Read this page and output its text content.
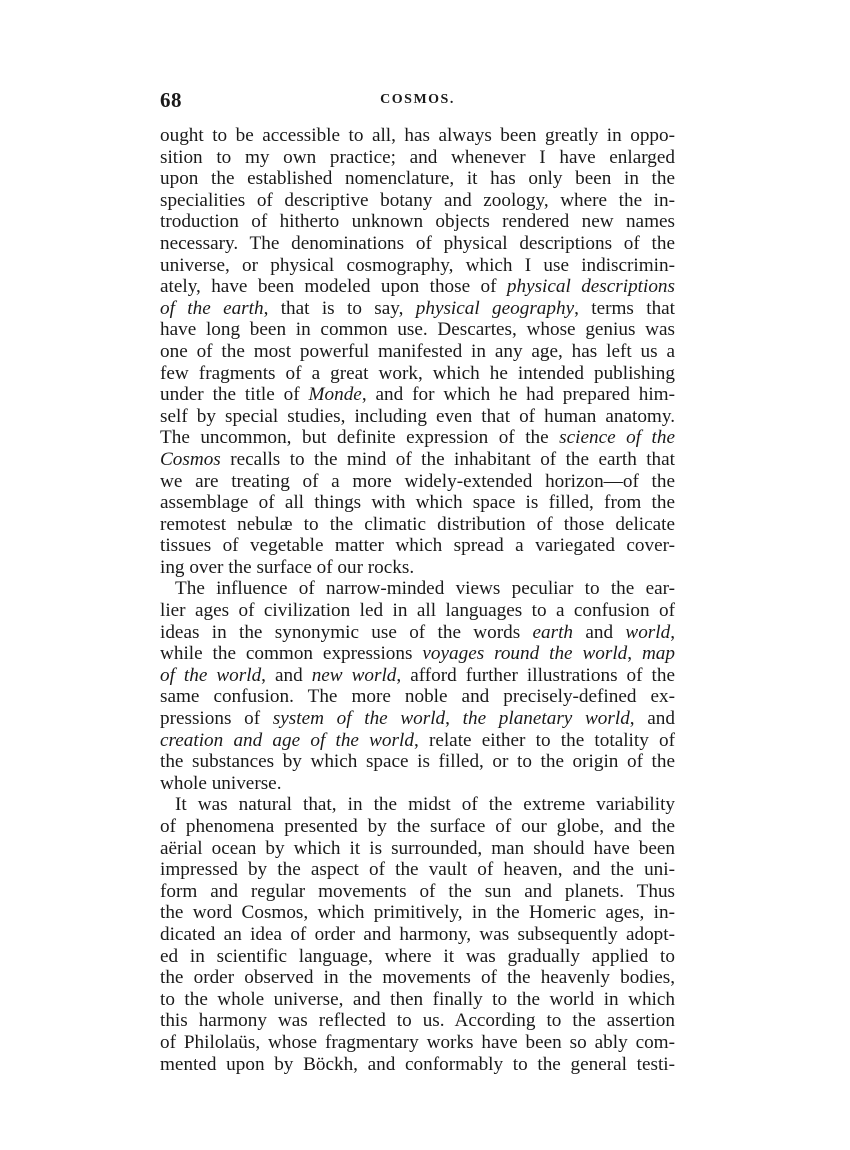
68	COSMOS.
ought to be accessible to all, has always been greatly in oppo-
sition to my own practice; and whenever I have enlarged
upon the established nomenclature, it has only been in the
specialities of descriptive botany and zoology, where the in-
troduction of hitherto unknown objects rendered new names
necessary. The denominations of physical descriptions of the
universe, or physical cosmography, which I use indiscrimin-
ately, have been modeled upon those of physical descriptions
of the earth, that is to say, physical geography, terms that
have long been in common use. Descartes, whose genius was
one of the most powerful manifested in any age, has left us a
few fragments of a great work, which he intended publishing
under the title of Monde, and for which he had prepared him-
self by special studies, including even that of human anatomy.
The uncommon, but definite expression of the science of the
Cosmos recalls to the mind of the inhabitant of the earth that
we are treating of a more widely-extended horizon—of the
assemblage of all things with which space is filled, from the
remotest nebulæ to the climatic distribution of those delicate
tissues of vegetable matter which spread a variegated cover-
ing over the surface of our rocks.
The influence of narrow-minded views peculiar to the ear-
lier ages of civilization led in all languages to a confusion of
ideas in the synonymic use of the words earth and world,
while the common expressions voyages round the world, map
of the world, and new world, afford further illustrations of the
same confusion. The more noble and precisely-defined ex-
pressions of system of the world, the planetary world, and
creation and age of the world, relate either to the totality of
the substances by which space is filled, or to the origin of the
whole universe.
It was natural that, in the midst of the extreme variability
of phenomena presented by the surface of our globe, and the
aërial ocean by which it is surrounded, man should have been
impressed by the aspect of the vault of heaven, and the uni-
form and regular movements of the sun and planets. Thus
the word Cosmos, which primitively, in the Homeric ages, in-
dicated an idea of order and harmony, was subsequently adopt-
ed in scientific language, where it was gradually applied to
the order observed in the movements of the heavenly bodies,
to the whole universe, and then finally to the world in which
this harmony was reflected to us. According to the assertion
of Philolaüs, whose fragmentary works have been so ably com-
mented upon by Böckh, and conformably to the general testi-
